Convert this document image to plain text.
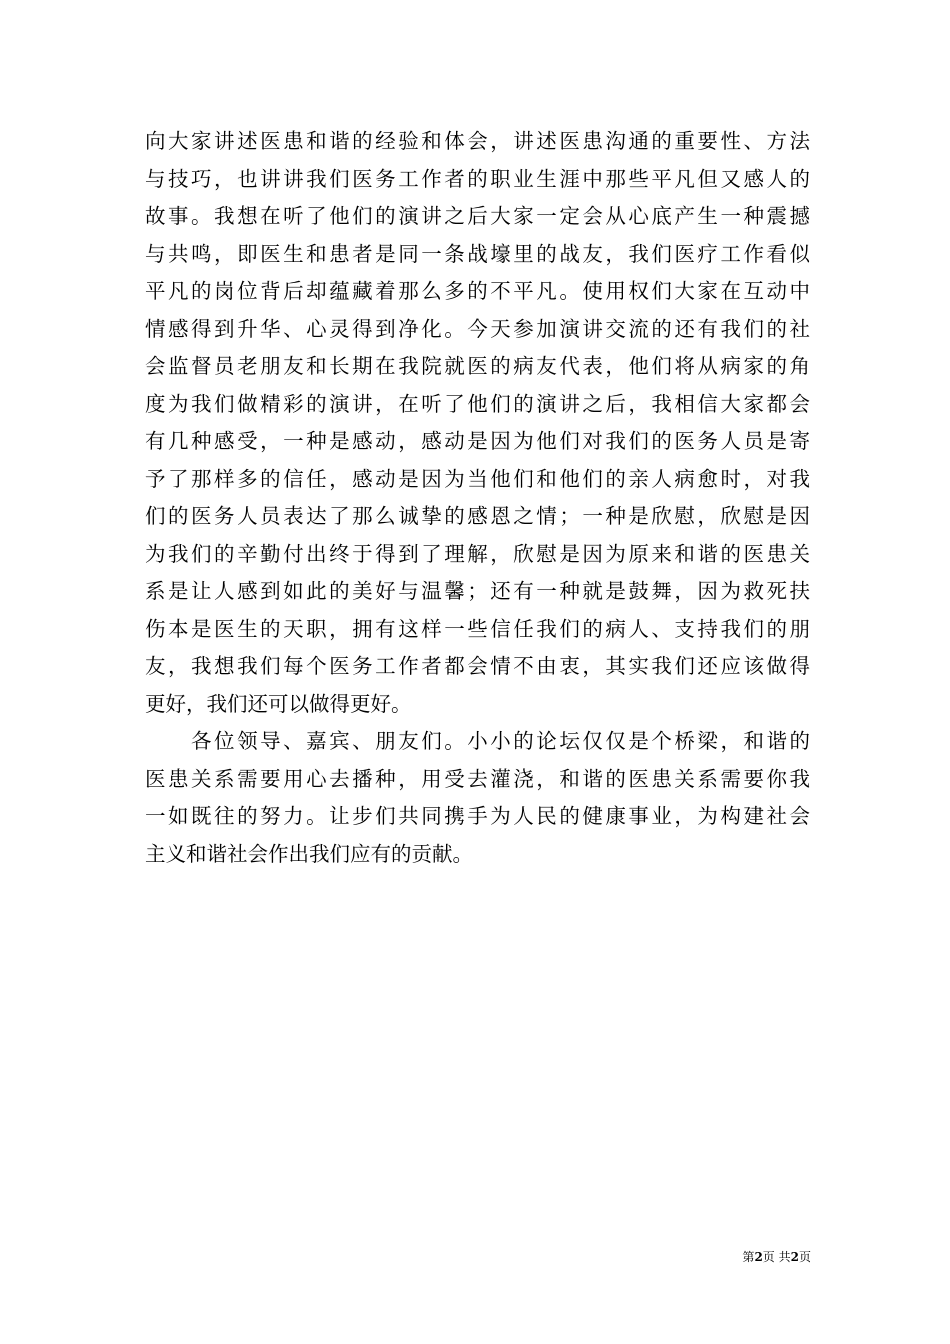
向大家讲述医患和谐的经验和体会，讲述医患沟通的重要性、方法
与技巧，也讲讲我们医务工作者的职业生涯中那些平凡但又感人的
故事。我想在听了他们的演讲之后大家一定会从心底产生一种震撼
与共鸣，即医生和患者是同一条战壕里的战友，我们医疗工作看似
平凡的岗位背后却蕴藏着那么多的不平凡。使用权们大家在互动中
情感得到升华、心灵得到净化。今天参加演讲交流的还有我们的社
会监督员老朋友和长期在我院就医的病友代表，他们将从病家的角
度为我们做精彩的演讲，在听了他们的演讲之后，我相信大家都会
有几种感受，一种是感动，感动是因为他们对我们的医务人员是寄
予了那样多的信任，感动是因为当他们和他们的亲人病愈时，对我
们的医务人员表达了那么诚挚的感恩之情；一种是欣慰，欣慰是因
为我们的辛勤付出终于得到了理解，欣慰是因为原来和谐的医患关
系是让人感到如此的美好与温馨；还有一种就是鼓舞，因为救死扶
伤本是医生的天职，拥有这样一些信任我们的病人、支持我们的朋
友，我想我们每个医务工作者都会情不由衷，其实我们还应该做得
更好，我们还可以做得更好。
　　各位领导、嘉宾、朋友们。小小的论坛仅仅是个桥梁，和谐的
医患关系需要用心去播种，用受去灌浇，和谐的医患关系需要你我
一如既往的努力。让步们共同携手为人民的健康事业，为构建社会
主义和谐社会作出我们应有的贡献。
第2页 共2页
